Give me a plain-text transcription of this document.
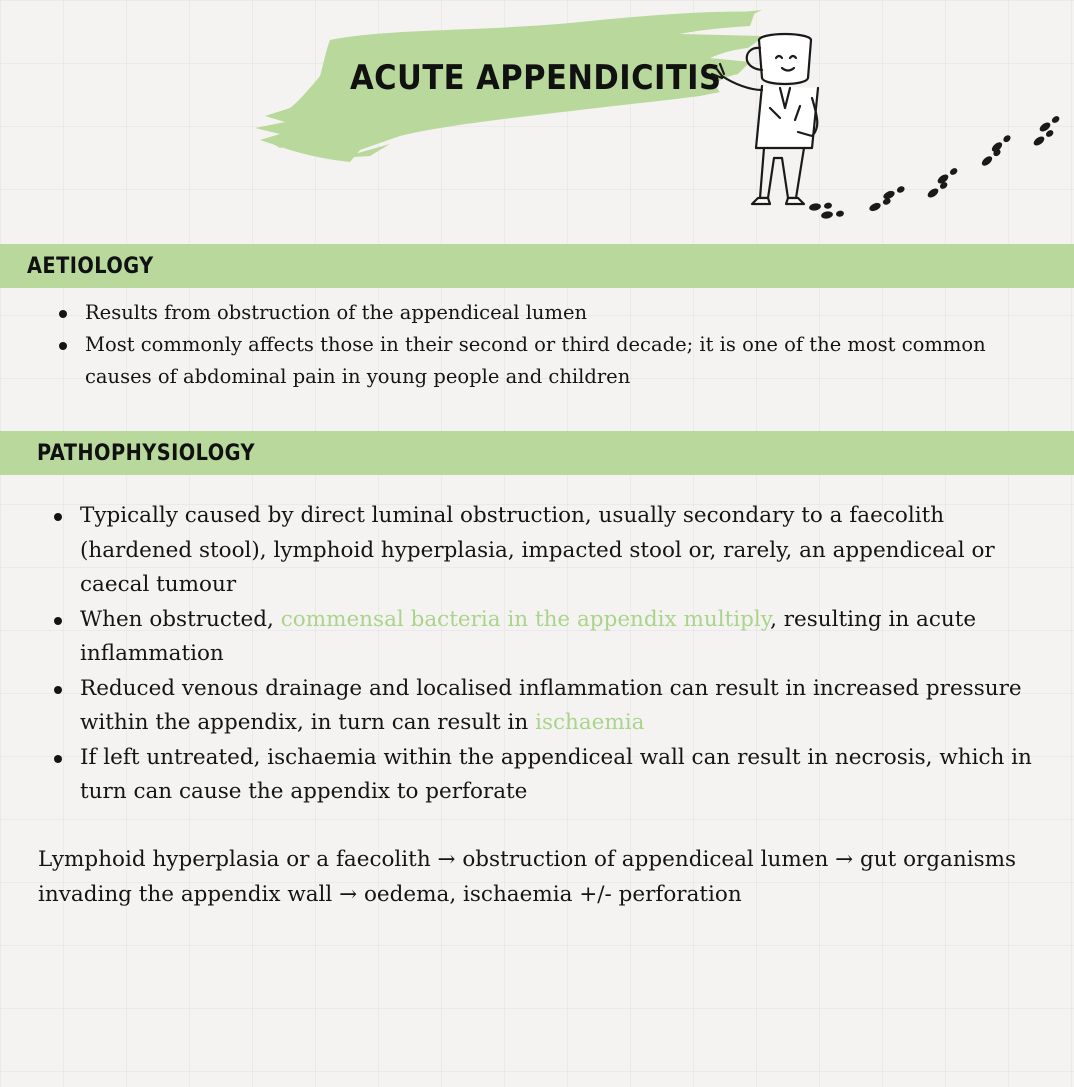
ACUTE APPENDICITIS
AETIOLOGY
Results from obstruction of the appendiceal lumen
Most commonly affects those in their second or third decade; it is one of the most common causes of abdominal pain in young people and children
PATHOPHYSIOLOGY
Typically caused by direct luminal obstruction, usually secondary to a faecolith (hardened stool), lymphoid hyperplasia, impacted stool or, rarely, an appendiceal or caecal tumour
When obstructed, commensal bacteria in the appendix multiply, resulting in acute inflammation
Reduced venous drainage and localised inflammation can result in increased pressure within the appendix, in turn can result in ischaemia
If left untreated, ischaemia within the appendiceal wall can result in necrosis, which in turn can cause the appendix to perforate

Lymphoid hyperplasia or a faecolith → obstruction of appendiceal lumen → gut organisms invading the appendix wall → oedema, ischaemia +/- perforation
